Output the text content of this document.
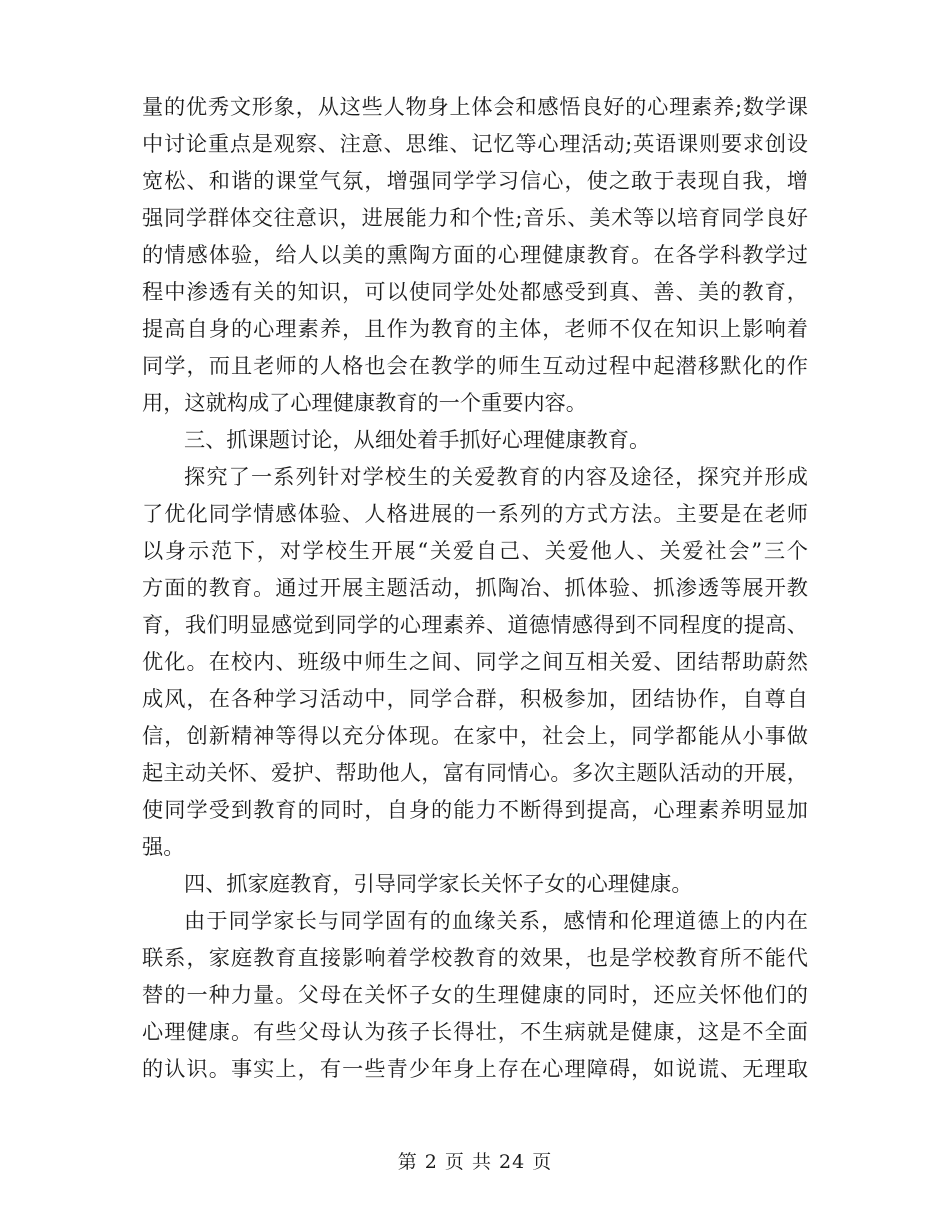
量的优秀文形象，从这些人物身上体会和感悟良好的心理素养;数学课
中讨论重点是观察、注意、思维、记忆等心理活动;英语课则要求创设
宽松、和谐的课堂气氛，增强同学学习信心，使之敢于表现自我，增
强同学群体交往意识，进展能力和个性;音乐、美术等以培育同学良好
的情感体验，给人以美的熏陶方面的心理健康教育。在各学科教学过
程中渗透有关的知识，可以使同学处处都感受到真、善、美的教育，
提高自身的心理素养，且作为教育的主体，老师不仅在知识上影响着
同学，而且老师的人格也会在教学的师生互动过程中起潜移默化的作
用，这就构成了心理健康教育的一个重要内容。
三、抓课题讨论，从细处着手抓好心理健康教育。
探究了一系列针对学校生的关爱教育的内容及途径，探究并形成
了优化同学情感体验、人格进展的一系列的方式方法。主要是在老师
以身示范下，对学校生开展“关爱自己、关爱他人、关爱社会”三个
方面的教育。通过开展主题活动，抓陶冶、抓体验、抓渗透等展开教
育，我们明显感觉到同学的心理素养、道德情感得到不同程度的提高、
优化。在校内、班级中师生之间、同学之间互相关爱、团结帮助蔚然
成风，在各种学习活动中，同学合群，积极参加，团结协作，自尊自
信，创新精神等得以充分体现。在家中，社会上，同学都能从小事做
起主动关怀、爱护、帮助他人，富有同情心。多次主题队活动的开展，
使同学受到教育的同时，自身的能力不断得到提高，心理素养明显加
强。
四、抓家庭教育，引导同学家长关怀子女的心理健康。
由于同学家长与同学固有的血缘关系，感情和伦理道德上的内在
联系，家庭教育直接影响着学校教育的效果，也是学校教育所不能代
替的一种力量。父母在关怀子女的生理健康的同时，还应关怀他们的
心理健康。有些父母认为孩子长得壮，不生病就是健康，这是不全面
的认识。事实上，有一些青少年身上存在心理障碍，如说谎、无理取
第 2 页 共 24 页
